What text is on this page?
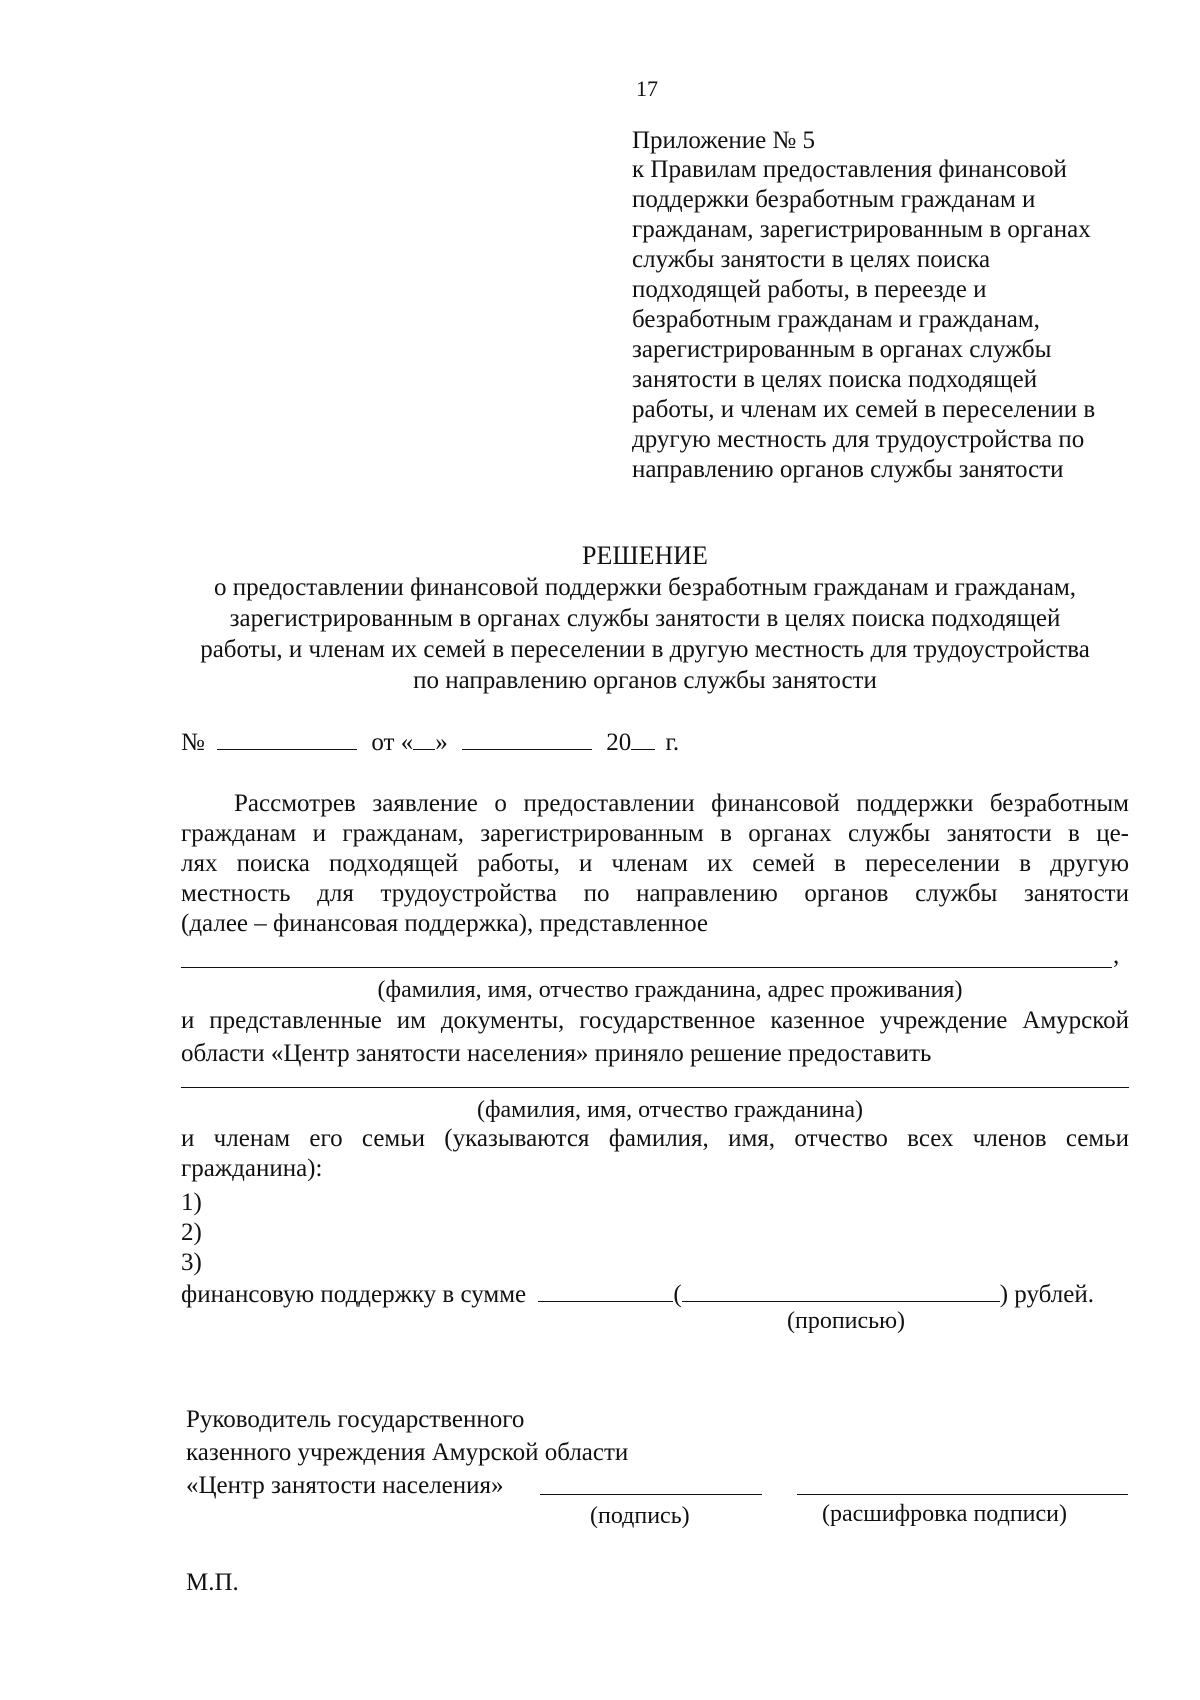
17
Приложение № 5
к Правилам предоставления финансовой
поддержки безработным гражданам и
гражданам, зарегистрированным в органах
службы занятости в целях поиска
подходящей работы, в переезде и
безработным гражданам и гражданам,
зарегистрированным в органах службы
занятости в целях поиска подходящей
работы, и членам их семей в переселении в
другую местность для трудоустройства по
направлению органов службы занятости
РЕШЕНИЕ
о предоставлении финансовой поддержки безработным гражданам и гражданам,
зарегистрированным в органах службы занятости в целях поиска подходящей
работы, и членам их семей в переселении в другую местность для трудоустройства
по направлению органов службы занятости
№	от « »	20 г.
Рассмотрев заявление о предоставлении финансовой поддержки безработным
гражданам и гражданам, зарегистрированным в органах службы занятости в це-
лях поиска подходящей работы, и членам их семей в переселении в другую
местность для трудоустройства по направлению органов службы занятости
(далее – финансовая поддержка), представленное
,
(фамилия, имя, отчество гражданина, адрес проживания)
и представленные им документы, государственное казенное учреждение Амурской
области «Центр занятости населения» приняло решение предоставить
(фамилия, имя, отчество гражданина)
и членам его семьи (указываются фамилия, имя, отчество всех членов семьи
гражданина):
1)
2)
3)
финансовую поддержку в сумме	(	) рублей.
(прописью)
Руководитель государственного
казенного учреждения Амурской области
«Центр занятости населения»
(подпись)	(расшифровка подписи)
М.П.
